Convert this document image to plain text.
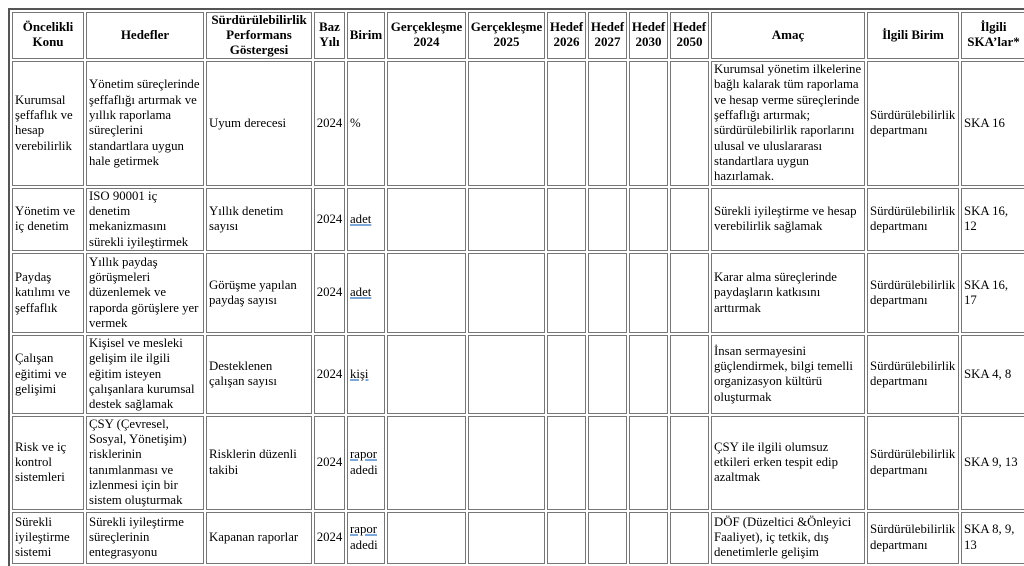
Öncelikli Konu	Hedefler	Sürdürülebilirlik Performans Göstergesi	Baz Yılı	Birim	Gerçekleşme 2024	Gerçekleşme 2025	Hedef 2026	Hedef 2027	Hedef 2030	Hedef 2050	Amaç	İlgili Birim	İlgili SKA’lar*
Kurumsal şeffaflık ve hesap verebilirlik	Yönetim süreçlerinde şeffaflığı artırmak ve yıllık raporlama süreçlerini standartlara uygun hale getirmek	Uyum derecesi	2024	%							Kurumsal yönetim ilkelerine bağlı kalarak tüm raporlama ve hesap verme süreçlerinde şeffaflığı artırmak; sürdürülebilirlik raporlarını ulusal ve uluslararası standartlara uygun hazırlamak.	Sürdürülebilirlik departmanı	SKA 16
Yönetim ve iç denetim	ISO 90001 iç denetim mekanizmasını sürekli iyileştirmek	Yıllık denetim sayısı	2024	adet							Sürekli iyileştirme ve hesap verebilirlik sağlamak	Sürdürülebilirlik departmanı	SKA 16, 12
Paydaş katılımı ve şeffaflık	Yıllık paydaş görüşmeleri düzenlemek ve raporda görüşlere yer vermek	Görüşme yapılan paydaş sayısı	2024	adet							Karar alma süreçlerinde paydaşların katkısını arttırmak	Sürdürülebilirlik departmanı	SKA 16, 17
Çalışan eğitimi ve gelişimi	Kişisel ve mesleki gelişim ile ilgili eğitim isteyen çalışanlara kurumsal destek sağlamak	Desteklenen çalışan sayısı	2024	kişi							İnsan sermayesini güçlendirmek, bilgi temelli organizasyon kültürü oluşturmak	Sürdürülebilirlik departmanı	SKA 4, 8
Risk ve iç kontrol sistemleri	ÇSY (Çevresel, Sosyal, Yönetişim) risklerinin tanımlanması ve izlenmesi için bir sistem oluşturmak	Risklerin düzenli takibi	2024	rapor adedi							ÇSY ile ilgili olumsuz etkileri erken tespit edip azaltmak	Sürdürülebilirlik departmanı	SKA 9, 13
Sürekli iyileştirme sistemi	Sürekli iyileştirme süreçlerinin entegrasyonu	Kapanan raporlar	2024	rapor adedi							DÖF (Düzeltici &Önleyici Faaliyet), iç tetkik, dış denetimlerle gelişim	Sürdürülebilirlik departmanı	SKA 8, 9, 13
